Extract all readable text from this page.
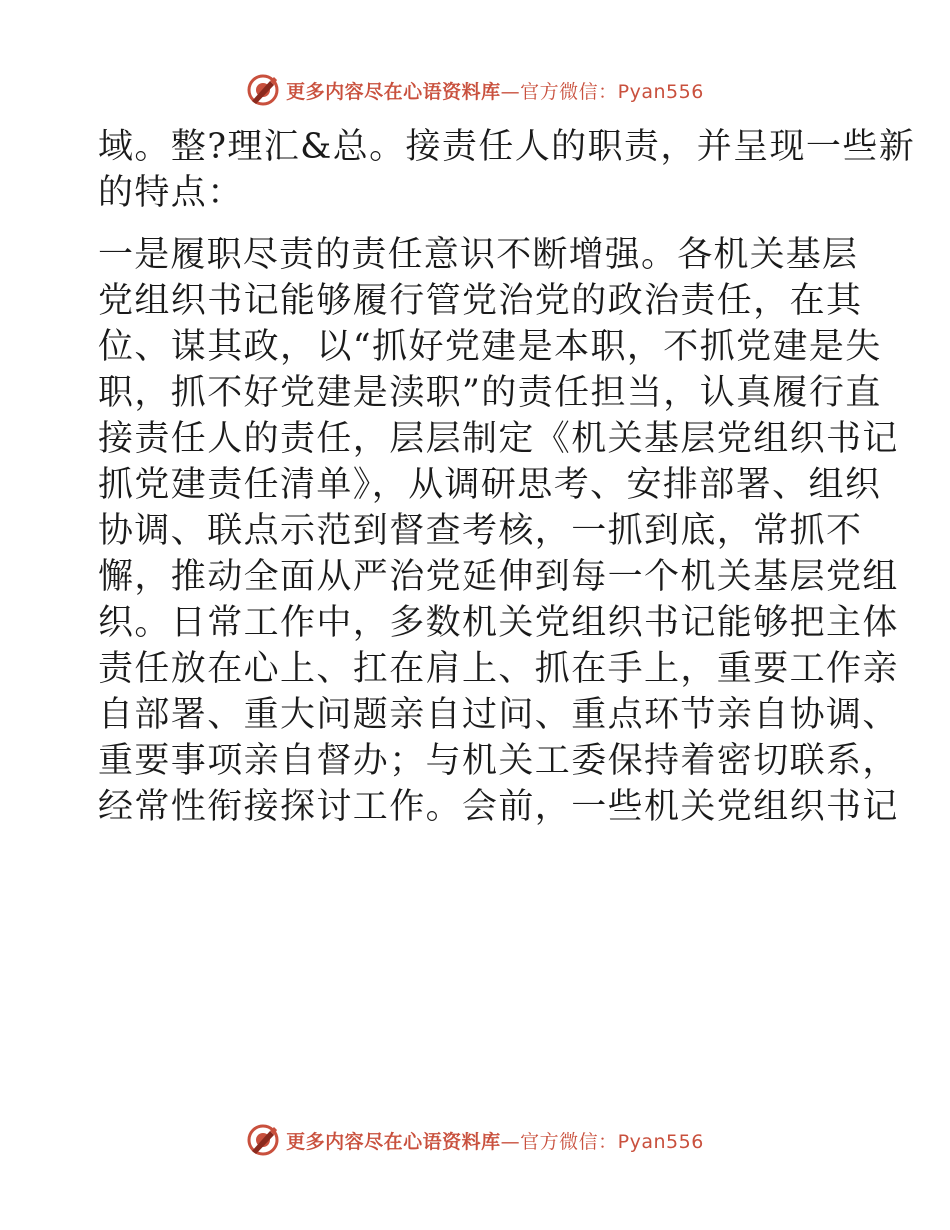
更多内容尽在心语资料库—官方微信：Pyan556
域。整?理汇&总。接责任人的职责，并呈现一些新
的特点：
一是履职尽责的责任意识不断增强。各机关基层
党组织书记能够履行管党治党的政治责任，在其
位、谋其政，以“抓好党建是本职，不抓党建是失
职，抓不好党建是渎职”的责任担当，认真履行直
接责任人的责任，层层制定《机关基层党组织书记
抓党建责任清单》，从调研思考、安排部署、组织
协调、联点示范到督查考核，一抓到底，常抓不
懈，推动全面从严治党延伸到每一个机关基层党组
织。日常工作中，多数机关党组织书记能够把主体
责任放在心上、扛在肩上、抓在手上，重要工作亲
自部署、重大问题亲自过问、重点环节亲自协调、
重要事项亲自督办；与机关工委保持着密切联系，
经常性衔接探讨工作。会前，一些机关党组织书记
更多内容尽在心语资料库—官方微信：Pyan556
